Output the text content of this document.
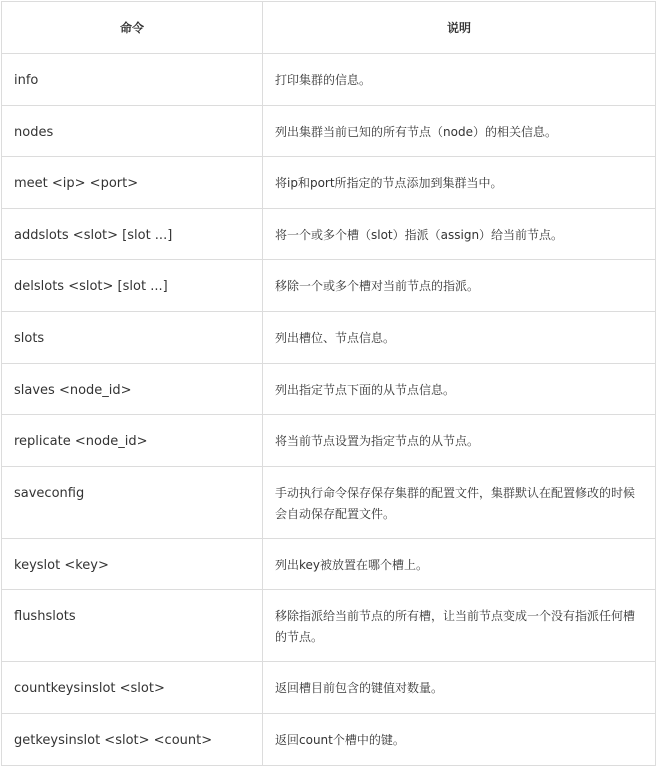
命令	说明
info	打印集群的信息。
nodes	列出集群当前已知的所有节点（node）的相关信息。
meet <ip> <port>	将ip和port所指定的节点添加到集群当中。
addslots <slot> [slot ...]	将一个或多个槽（slot）指派（assign）给当前节点。
delslots <slot> [slot ...]	移除一个或多个槽对当前节点的指派。
slots	列出槽位、节点信息。
slaves <node_id>	列出指定节点下面的从节点信息。
replicate <node_id>	将当前节点设置为指定节点的从节点。
saveconfig	手动执行命令保存保存集群的配置文件，集群默认在配置修改的时候会自动保存配置文件。
keyslot <key>	列出key被放置在哪个槽上。
flushslots	移除指派给当前节点的所有槽，让当前节点变成一个没有指派任何槽的节点。
countkeysinslot <slot>	返回槽目前包含的键值对数量。
getkeysinslot <slot> <count>	返回count个槽中的键。
